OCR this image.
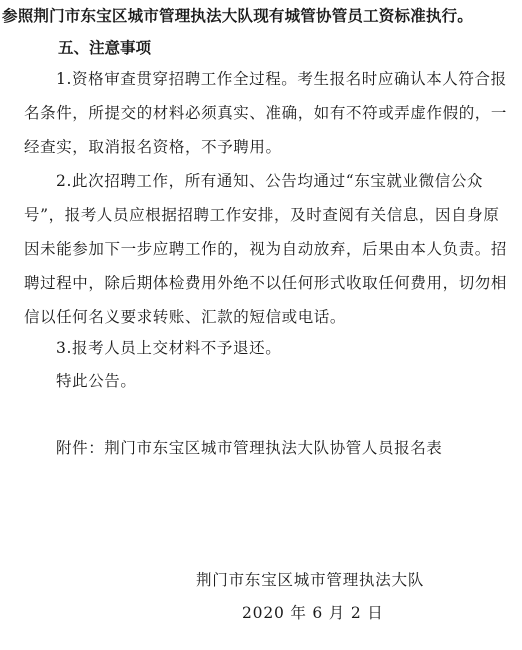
参照荆门市东宝区城市管理执法大队现有城管协管员工资标准执行。
五、注意事项
1.资格审查贯穿招聘工作全过程。考生报名时应确认本人符合报名条件，所提交的材料必须真实、准确，如有不符或弄虚作假的，一经查实，取消报名资格，不予聘用。
2.此次招聘工作，所有通知、公告均通过“东宝就业微信公众号”，报考人员应根据招聘工作安排，及时查阅有关信息，因自身原因未能参加下一步应聘工作的，视为自动放弃，后果由本人负责。招聘过程中，除后期体检费用外绝不以任何形式收取任何费用，切勿相信以任何名义要求转账、汇款的短信或电话。
3.报考人员上交材料不予退还。
特此公告。
附件：荆门市东宝区城市管理执法大队协管人员报名表
荆门市东宝区城市管理执法大队
2020 年 6 月 2 日
